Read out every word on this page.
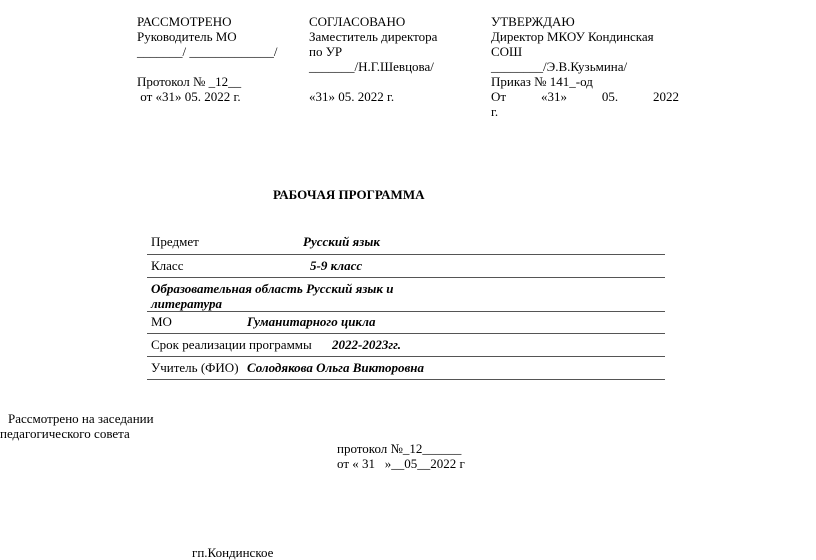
РАССМОТРЕНО
Руководитель МО
_______/ _____________/
Протокол № _12__
от «31» 05. 2022 г.
СОГЛАСОВАНО
Заместитель директора
по УР
_______/Н.Г.Шевцова/
«31» 05. 2022 г.
УТВЕРЖДАЮ
Директор МКОУ Кондинская
СОШ
________/Э.В.Кузьмина/
Приказ № 141_-од
От	«31»	05.	2022
г.
РАБОЧАЯ ПРОГРАММА
Предмет	Русский язык
Класс	5-9 класс
Образовательная область Русский язык и
литература
МО	Гуманитарного цикла
Срок реализации программы 2022-2023гг.
Учитель (ФИО) Солодякова Ольга Викторовна
Рассмотрено на заседании
педагогического совета
протокол №_12______
от « 31   »__05__2022 г
гп.Кондинское
